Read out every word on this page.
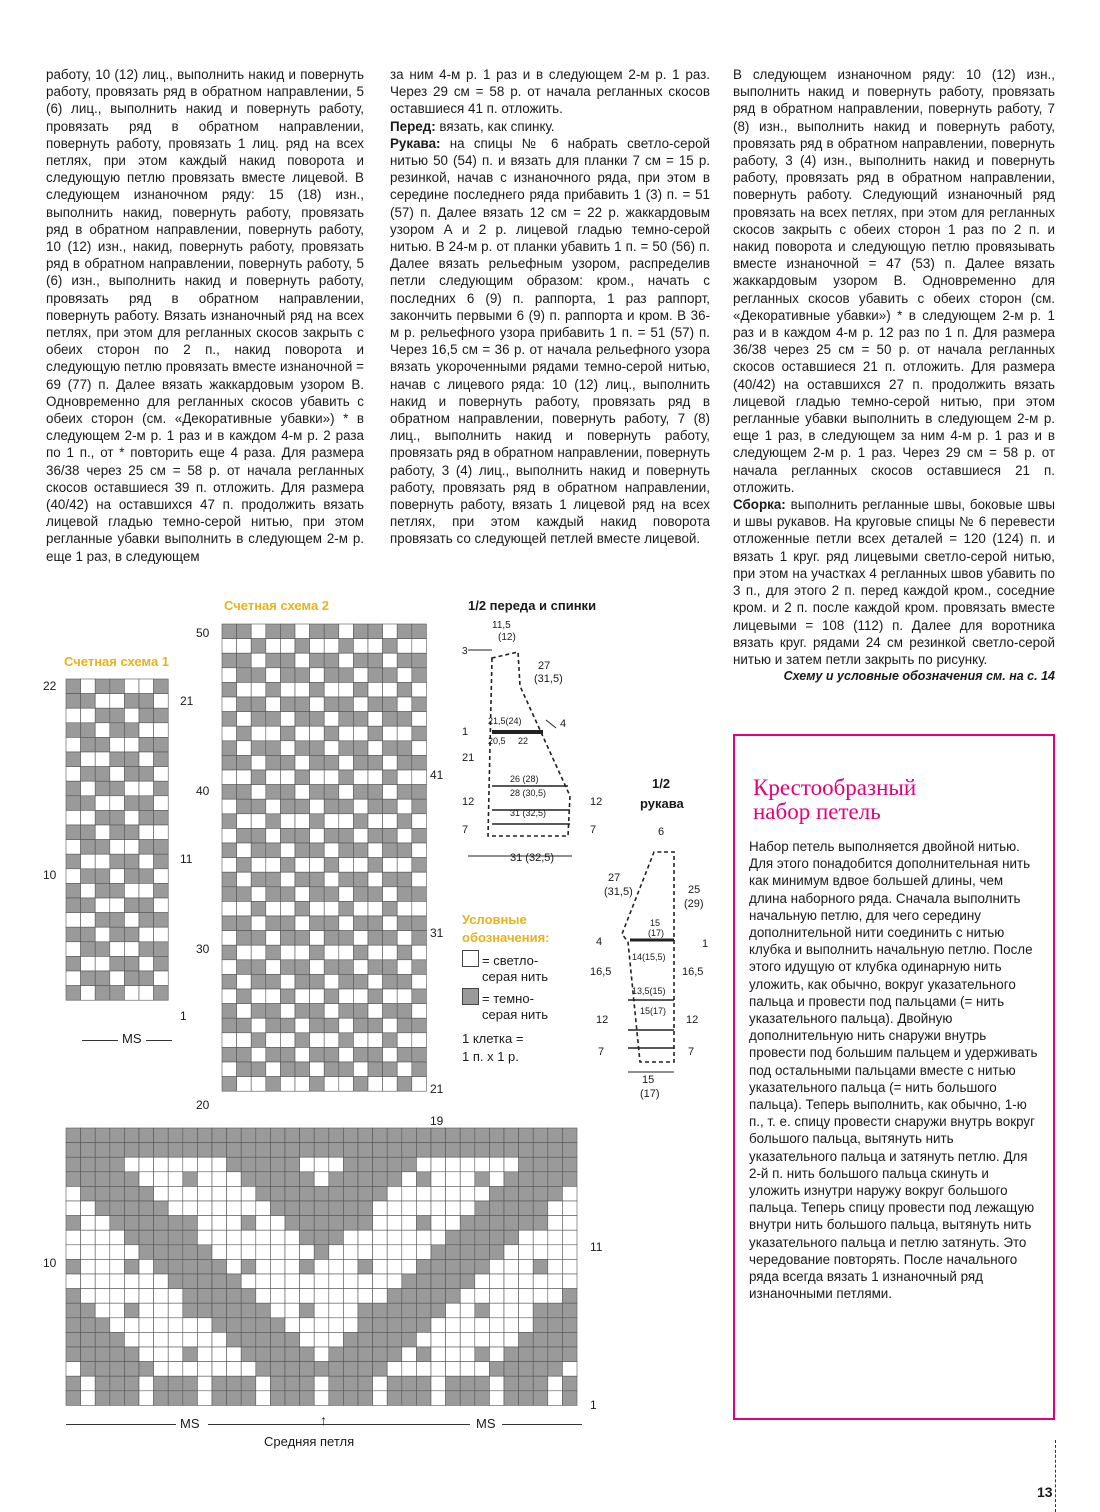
работу, 10 (12) лиц., выполнить накид и повернуть работу, провязать ряд в обратном направлении, 5 (6) лиц., выполнить накид и повернуть работу, провязать ряд в обратном направлении, повернуть работу, провязать 1 лиц. ряд на всех петлях, при этом каждый накид поворота и следующую петлю провязать вместе лицевой. В следующем изнаночном ряду: 15 (18) изн., выполнить накид, повернуть работу, провязать ряд в обратном направлении, повернуть работу, 10 (12) изн., накид, повернуть работу, провязать ряд в обратном направлении, повернуть работу, 5 (6) изн., выполнить накид и повернуть работу, провязать ряд в обратном направлении, повернуть работу. Вязать изнаночный ряд на всех петлях, при этом для регланных скосов закрыть с обеих сторон по 2 п., накид поворота и следующую петлю провязать вместе изнаночной = 69 (77) п. Далее вязать жаккардовым узором В. Одновременно для регланных скосов убавить с обеих сторон (см. «Декоративные убавки») * в следующем 2-м р. 1 раз и в каждом 4-м р. 2 раза по 1 п., от * повторить еще 4 раза. Для размера 36/38 через 25 см = 58 р. от начала регланных скосов оставшиеся 39 п. отложить. Для размера (40/42) на оставшихся 47 п. продолжить вязать лицевой гладью темно-серой нитью, при этом регланные убавки выполнить в следующем 2-м р. еще 1 раз, в следующем

за ним 4-м р. 1 раз и в следующем 2-м р. 1 раз. Через 29 см = 58 р. от начала регланных скосов оставшиеся 41 п. отложить.

Перед: вязать, как спинку.

Рукава: на спицы № 6 набрать светло-серой нитью 50 (54) п. и вязать для планки 7 см = 15 р. резинкой, начав с изнаночного ряда, при этом в середине последнего ряда прибавить 1 (3) п. = 51 (57) п. Далее вязать 12 см = 22 р. жаккардовым узором А и 2 р. лицевой гладью темно-серой нитью. В 24-м р. от планки убавить 1 п. = 50 (56) п. Далее вязать рельефным узором, распределив петли следующим образом: кром., начать с последних 6 (9) п. раппорта, 1 раз раппорт, закончить первыми 6 (9) п. раппорта и кром. В 36-м р. рельефного узора прибавить 1 п. = 51 (57) п. Через 16,5 см = 36 р. от начала рельефного узора вязать укороченными рядами темно-серой нитью, начав с лицевого ряда: 10 (12) лиц., выполнить накид и повернуть работу, провязать ряд в обратном направлении, повернуть работу, 7 (8) лиц., выполнить накид и повернуть работу, провязать ряд в обратном направлении, повернуть работу, 3 (4) лиц., выполнить накид и повернуть работу, провязать ряд в обратном направлении, повернуть работу, вязать 1 лицевой ряд на всех петлях, при этом каждый накид поворота провязать со следующей петлей вместе лицевой.

В следующем изнаночном ряду: 10 (12) изн., выполнить накид и повернуть работу, провязать ряд в обратном направлении, повернуть работу, 7 (8) изн., выполнить накид и повернуть работу, провязать ряд в обратном направлении, повернуть работу, 3 (4) изн., выполнить накид и повернуть работу, провязать ряд в обратном направлении, повернуть работу. Следующий изнаночный ряд провязать на всех петлях, при этом для регланных скосов закрыть с обеих сторон 1 раз по 2 п. и накид поворота и следующую петлю провязывать вместе изнаночной = 47 (53) п. Далее вязать жаккардовым узором В. Одновременно для регланных скосов убавить с обеих сторон (см. «Декоративные убавки») * в следующем 2-м р. 1 раз и в каждом 4-м р. 12 раз по 1 п. Для размера 36/38 через 25 см = 50 р. от начала регланных скосов оставшиеся 21 п. отложить. Для размера (40/42) на оставшихся 27 п. продолжить вязать лицевой гладью темно-серой нитью, при этом регланные убавки выполнить в следующем 2-м р. еще 1 раз, в следующем за ним 4-м р. 1 раз и в следующем 2-м р. 1 раз. Через 29 см = 58 р. от начала регланных скосов оставшиеся 21 п. отложить.

Сборка: выполнить регланные швы, боковые швы и швы рукавов. На круговые спицы № 6 перевести отложенные петли всех деталей = 120 (124) п. и вязать 1 круг. ряд лицевыми светло-серой нитью, при этом на участках 4 регланных швов убавить по 3 п., для этого 2 п. перед каждой кром., соседние кром. и 2 п. после каждой кром. провязать вместе лицевыми = 108 (112) п. Далее для воротника вязать круг. рядами 24 см резинкой светло-серой нитью и затем петли закрыть по рисунку.

Схему и условные обозначения см. на с. 14

Счетная схема 1
22
21
11
10
1
MS
Счетная схема 2
50
41
40
31
30
21
20
19
11
10
1
MS	MS
↑
Средняя петля
1/2 переда и спинки
11,5
(12)
3
27
(31,5)
21,5(24)
20,5 22
4
1
21
26 (28)
12
28 (30,5)
31 (32,5)
7
12
7
31 (32,5)
1/2
рукава
6
27
(31,5)	25
(29)
15
(17)
4	1
14(15,5)
16,5	16,5
13,5(15)
15(17)
12	12
7	7
15
(17)
Условные
обозначения:
= светло-
серая нить
= темно-
серая нить
1 клетка =
1 п. х 1 р.
Крестообразный
набор петель
Набор петель выполняется двойной нитью. Для этого понадобится дополнительная нить как минимум вдвое большей длины, чем длина наборного ряда. Сначала выполнить начальную петлю, для чего середину дополнительной нити соединить с нитью клубка и выполнить начальную петлю. После этого идущую от клубка одинарную нить уложить, как обычно, вокруг указательного пальца и провести под пальцами (= нить указательного пальца). Двойную дополнительную нить снаружи внутрь провести под большим пальцем и удерживать под остальными пальцами вместе с нитью указательного пальца (= нить большого пальца). Теперь выполнить, как обычно, 1-ю п., т. е. спицу провести снаружи внутрь вокруг большого пальца, вытянуть нить указательного пальца и затянуть петлю. Для 2-й п. нить большого пальца скинуть и уложить изнутри наружу вокруг большого пальца. Теперь спицу провести под лежащую внутри нить большого пальца, вытянуть нить указательного пальца и петлю затянуть. Это чередование повторять. После начального ряда всегда вязать 1 изнаночный ряд изнаночными петлями.
13
